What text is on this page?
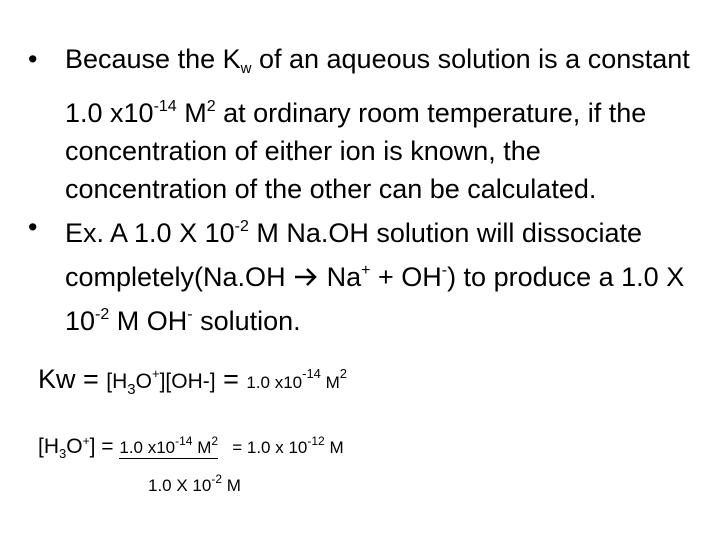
• Because the Kw of an aqueous solution is a constant 1.0 $x10^{-14}$ $M^2$ at ordinary room temperature, if the concentration of either ion is known, the concentration of the other can be calculated.
• Ex. A 1.0 X $10^{-2}$ M Na.OH solution will dissociate completely(Na.OH  Na+ + OH-) to produce a 1.0 X $10^{-2}$ M OH- solution.
$Kw = [H_3O^+][OH-] = 1.0$ $x10^{-14}$ $M^2$
$[H_3O^+] = 1.0$ $x10^{-14}$ $M^2 = 1.0$ x $10^{-12}$ M
1.0 X $10^{-2}$ M
